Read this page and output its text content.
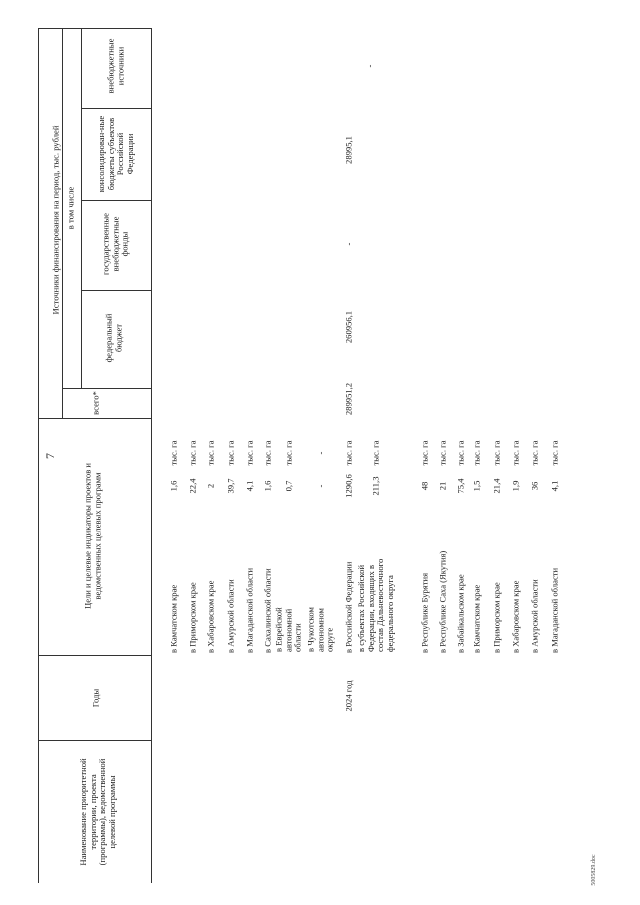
7
5005829.doc
Наименование приоритетной территории, проекта (программы), ведомственной целевой программы
Годы
Цели и целевые индикаторы проектов и ведомственных целевых программ
всего*
Источники финансирования на период, тыс. рублей в том числе
федеральный бюджет
государственные внебюджетные фонды
консолидирован-ные бюджеты субъектов Российской Федерации
внебюджетные источники
2024 год
в Камчатском крае
1,6
тыс. га
в Приморском крае
22,4
тыс. га
в Хабаровском крае
2
тыс. га
в Амурской области
39,7
тыс. га
в Магаданской области
4,1
тыс. га
в Сахалинской области
1,6
тыс. га
в Еврейской автономной области
0,7
тыс. га
в Чукотском автономном округе
-
-
в Российской Федерации
1290,6
тыс. га
в субъектах Российской Федерации, входящих в состав Дальневосточного федерального округа
211,3
тыс. га
в Республике Бурятия
48
тыс. га
в Республике Саха (Якутия)
21
тыс. га
в Забайкальском крае
75,4
тыс. га
в Камчатском крае
1,5
тыс. га
в Приморском крае
21,4
тыс. га
в Хабаровском крае
1,9
тыс. га
в Амурской области
36
тыс. га
в Магаданской области
4,1
тыс. га
289951,2
260956,1
-
28995,1
-
